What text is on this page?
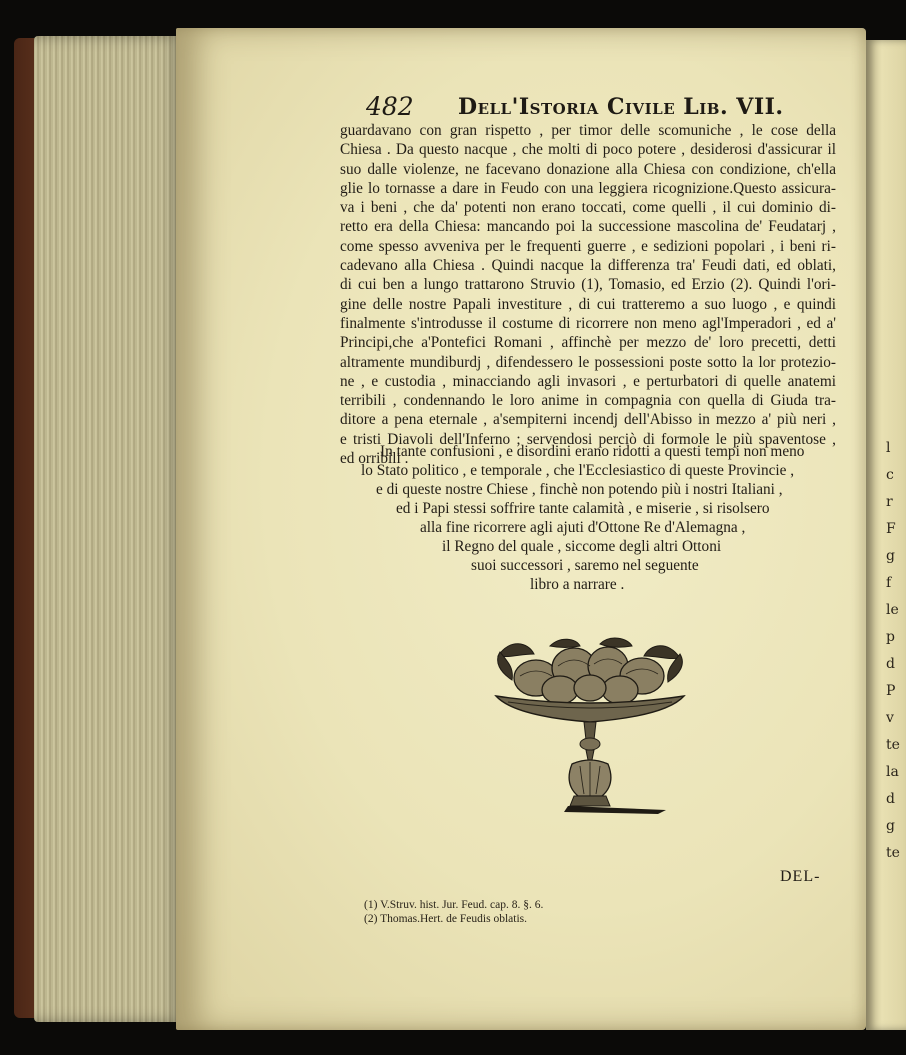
l
c
r
F
g
f
le
p
d
P
v
te
la
d
g
te
482 Dell'Istoria Civile Lib. VII.
guardavano con gran rispetto , per timor delle scomuniche , le cose della
Chiesa . Da questo nacque , che molti di poco potere , desiderosi d'assicurar il
suo dalle violenze, ne facevano donazione alla Chiesa con condizione, ch'ella
glie lo tornasse a dare in Feudo con una leggiera ricognizione.Questo assicura-
va i beni , che da' potenti non erano toccati, come quelli , il cui dominio di-
retto era della Chiesa: mancando poi la successione mascolina de' Feudatarj ,
come spesso avveniva per le frequenti guerre , e sedizioni popolari , i beni ri-
cadevano alla Chiesa . Quindi nacque la differenza tra' Feudi dati, ed oblati,
di cui ben a lungo trattarono Struvio (1), Tomasio, ed Erzio (2). Quindi l'ori-
gine delle nostre Papali investiture , di cui tratteremo a suo luogo , e quindi
finalmente s'introdusse il costume di ricorrere non meno agl'Imperadori , ed a'
Principi,che a'Pontefici Romani , affinchè per mezzo de' loro precetti, detti
altramente mundiburdj , difendessero le possessioni poste sotto la lor protezio-
ne , e custodia , minacciando agli invasori , e perturbatori di quelle anatemi
terribili , condennando le loro anime in compagnia con quella di Giuda tra-
ditore a pena eternale , a'sempiterni incendj dell'Abisso in mezzo a' più neri ,
e tristi Diavoli dell'Inferno ; servendosi perciò di formole le più spaventose ,
ed orribili .
In tante confusioni , e disordini erano ridotti a questi tempi non meno
lo Stato politico , e temporale , che l'Ecclesiastico di queste Provincie ,
e di queste nostre Chiese , finchè non potendo più i nostri Italiani ,
ed i Papi stessi soffrire tante calamità , e miserie , si risolsero
alla fine ricorrere agli ajuti d'Ottone Re d'Alemagna ,
il Regno del quale , siccome degli altri Ottoni
suoi successori , saremo nel seguente
libro a narrare .
DEL-
(1) V.Struv. hist. Jur. Feud. cap. 8. §. 6.
(2) Thomas.Hert. de Feudis oblatis.
